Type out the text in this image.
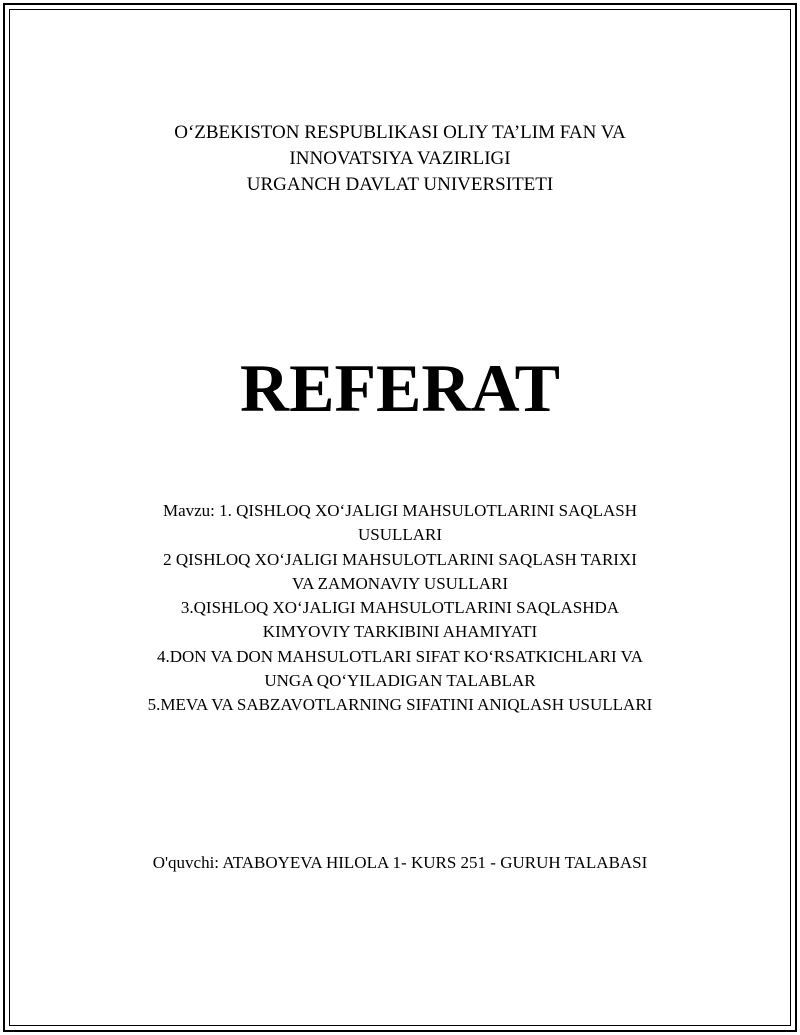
O‘ZBEKISTON RESPUBLIKASI OLIY TA’LIM FAN VA
INNOVATSIYA VAZIRLIGI
URGANCH DAVLAT UNIVERSITETI
REFERAT
Mavzu: 1. QISHLOQ XO‘JALIGI MAHSULOTLARINI SAQLASH
USULLARI
2 QISHLOQ XO‘JALIGI MAHSULOTLARINI SAQLASH TARIXI
VA ZAMONAVIY USULLARI
3.QISHLOQ XO‘JALIGI MAHSULOTLARINI SAQLASHDA
KIMYOVIY TARKIBINI AHAMIYATI
4.DON VA DON MAHSULOTLARI SIFAT KO‘RSATKICHLARI VA
UNGA QO‘YILADIGAN TALABLAR
5.MEVA VA SABZAVOTLARNING SIFATINI ANIQLASH USULLARI
O'quvchi: ATABOYEVA HILOLA 1- KURS 251 - GURUH TALABASI
